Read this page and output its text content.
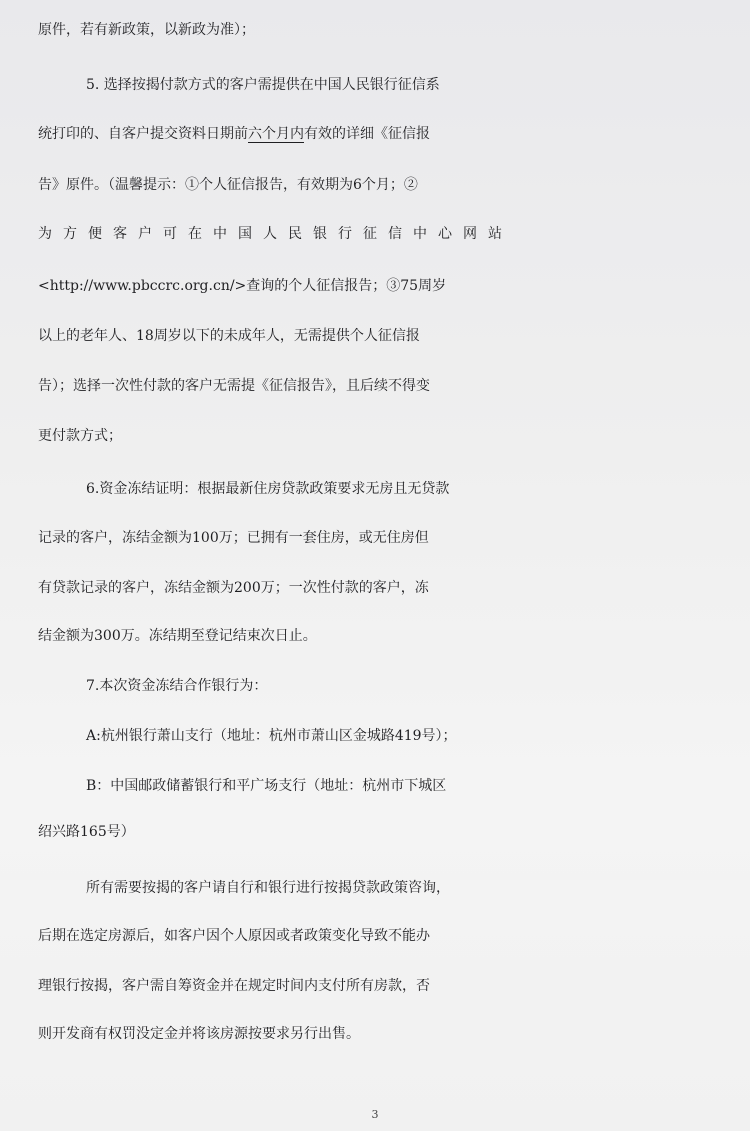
原件，若有新政策，以新政为准）；
5. 选择按揭付款方式的客户需提供在中国人民银行征信系
统打印的、自客户提交资料日期前六个月内有效的详细《征信报
告》原件。（温馨提示：①个人征信报告，有效期为6个月；②
为方便客户可在中国人民银行征信中心网站
<http://www.pbccrc.org.cn/>查询的个人征信报告；③75周岁
以上的老年人、18周岁以下的未成年人，无需提供个人征信报
告）；选择一次性付款的客户无需提《征信报告》，且后续不得变
更付款方式；
6.资金冻结证明：根据最新住房贷款政策要求无房且无贷款
记录的客户，冻结金额为100万；已拥有一套住房，或无住房但
有贷款记录的客户，冻结金额为200万；一次性付款的客户，冻
结金额为300万。冻结期至登记结束次日止。
7.本次资金冻结合作银行为：
A:杭州银行萧山支行（地址：杭州市萧山区金城路419号）；
B：中国邮政储蓄银行和平广场支行（地址：杭州市下城区
绍兴路165号）
所有需要按揭的客户请自行和银行进行按揭贷款政策咨询，
后期在选定房源后，如客户因个人原因或者政策变化导致不能办
理银行按揭，客户需自筹资金并在规定时间内支付所有房款，否
则开发商有权罚没定金并将该房源按要求另行出售。
3
